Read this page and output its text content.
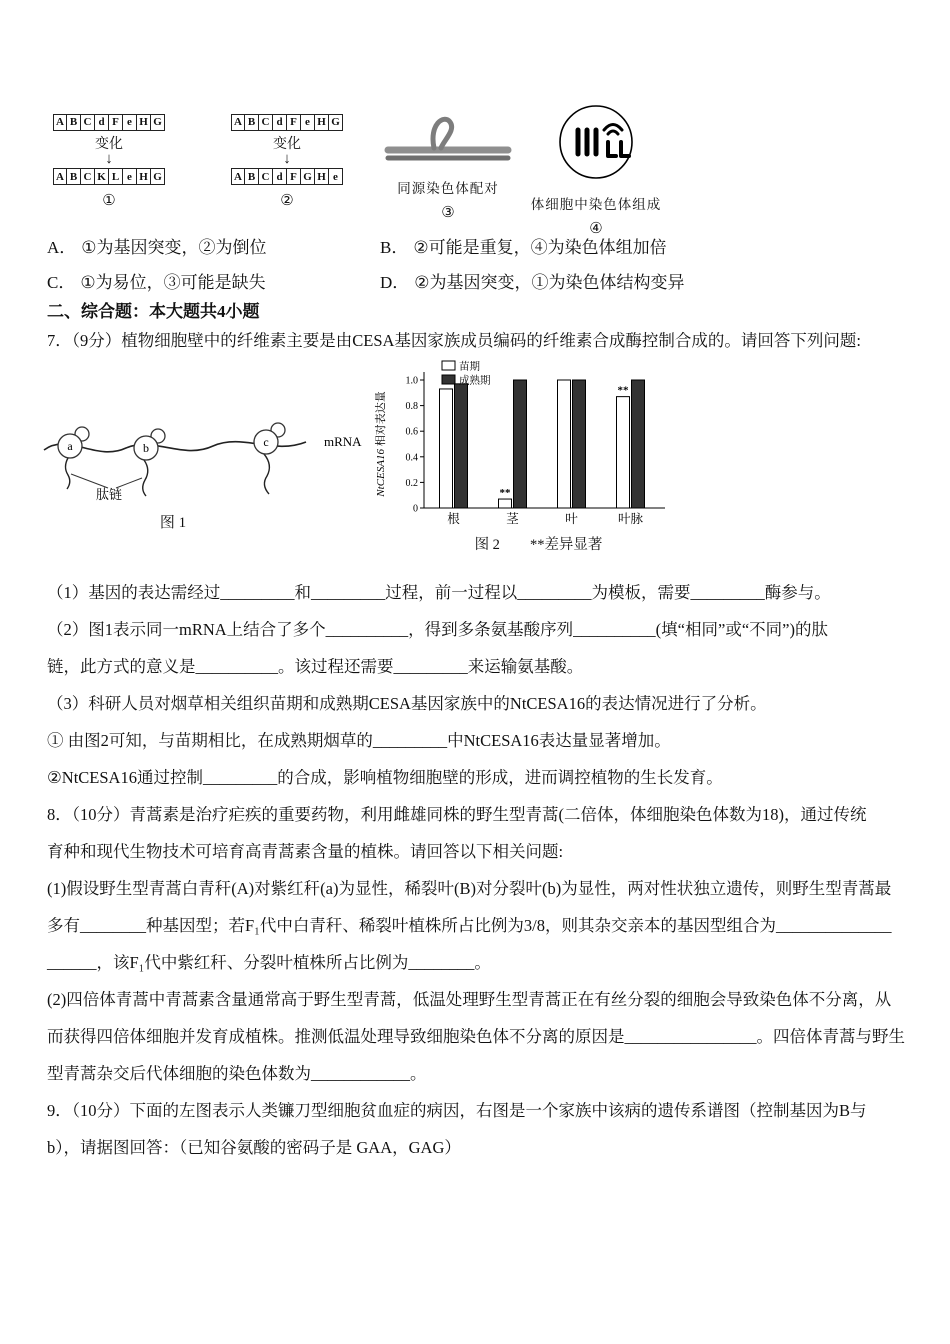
A B C d F e H G
变化
↓
A B C K L e H G
①
A B C d F e H G
变化
↓
A B C d F G H e
②
同源染色体配对
③
体细胞中染色体组成
④
A． ①为基因突变，②为倒位	B． ②可能是重复，④为染色体组加倍
C． ①为易位，③可能是缺失	D． ②为基因突变，①为染色体结构变异
二、综合题：本大题共4小题
7．（9分）植物细胞壁中的纤维素主要是由CESA基因家族成员编码的纤维素合成酶控制合成的。请回答下列问题:
a	b	c
肽链
mRNA
图 1
0
0.2
0.4
0.6
0.8
1.0
根	茎
**
叶	叶脉
**
苗期
成熟期
NtCESA16 相对表达量
图 2 **差异显著
（1）基因的表达需经过_________和_________过程，前一过程以_________为模板，需要_________酶参与。
（2）图1表示同一mRNA上结合了多个__________，得到多条氨基酸序列__________(填“相同”或“不同”)的肽
链，此方式的意义是__________。该过程还需要_________来运输氨基酸。
（3）科研人员对烟草相关组织苗期和成熟期CESA基因家族中的NtCESA16的表达情况进行了分析。
① 由图2可知，与苗期相比，在成熟期烟草的_________中NtCESA16表达量显著增加。
②NtCESA16通过控制_________的合成，影响植物细胞壁的形成，进而调控植物的生长发育。
8．（10分）青蒿素是治疗疟疾的重要药物，利用雌雄同株的野生型青蒿(二倍体，体细胞染色体数为18)，通过传统
育种和现代生物技术可培育高青蒿素含量的植株。请回答以下相关问题:
(1)假设野生型青蒿白青秆(A)对紫红秆(a)为显性，稀裂叶(B)对分裂叶(b)为显性，两对性状独立遗传，则野生型青蒿最
多有________种基因型；若F₁代中白青秆、稀裂叶植株所占比例为3/8，则其杂交亲本的基因型组合为______________
______，该F₁代中紫红秆、分裂叶植株所占比例为________。
(2)四倍体青蒿中青蒿素含量通常高于野生型青蒿，低温处理野生型青蒿正在有丝分裂的细胞会导致染色体不分离，从
而获得四倍体细胞并发育成植株。推测低温处理导致细胞染色体不分离的原因是________________。四倍体青蒿与野生
型青蒿杂交后代体细胞的染色体数为____________。
9．（10分）下面的左图表示人类镰刀型细胞贫血症的病因，右图是一个家族中该病的遗传系谱图（控制基因为B与
b），请据图回答：（已知谷氨酸的密码子是 GAA，GAG）
